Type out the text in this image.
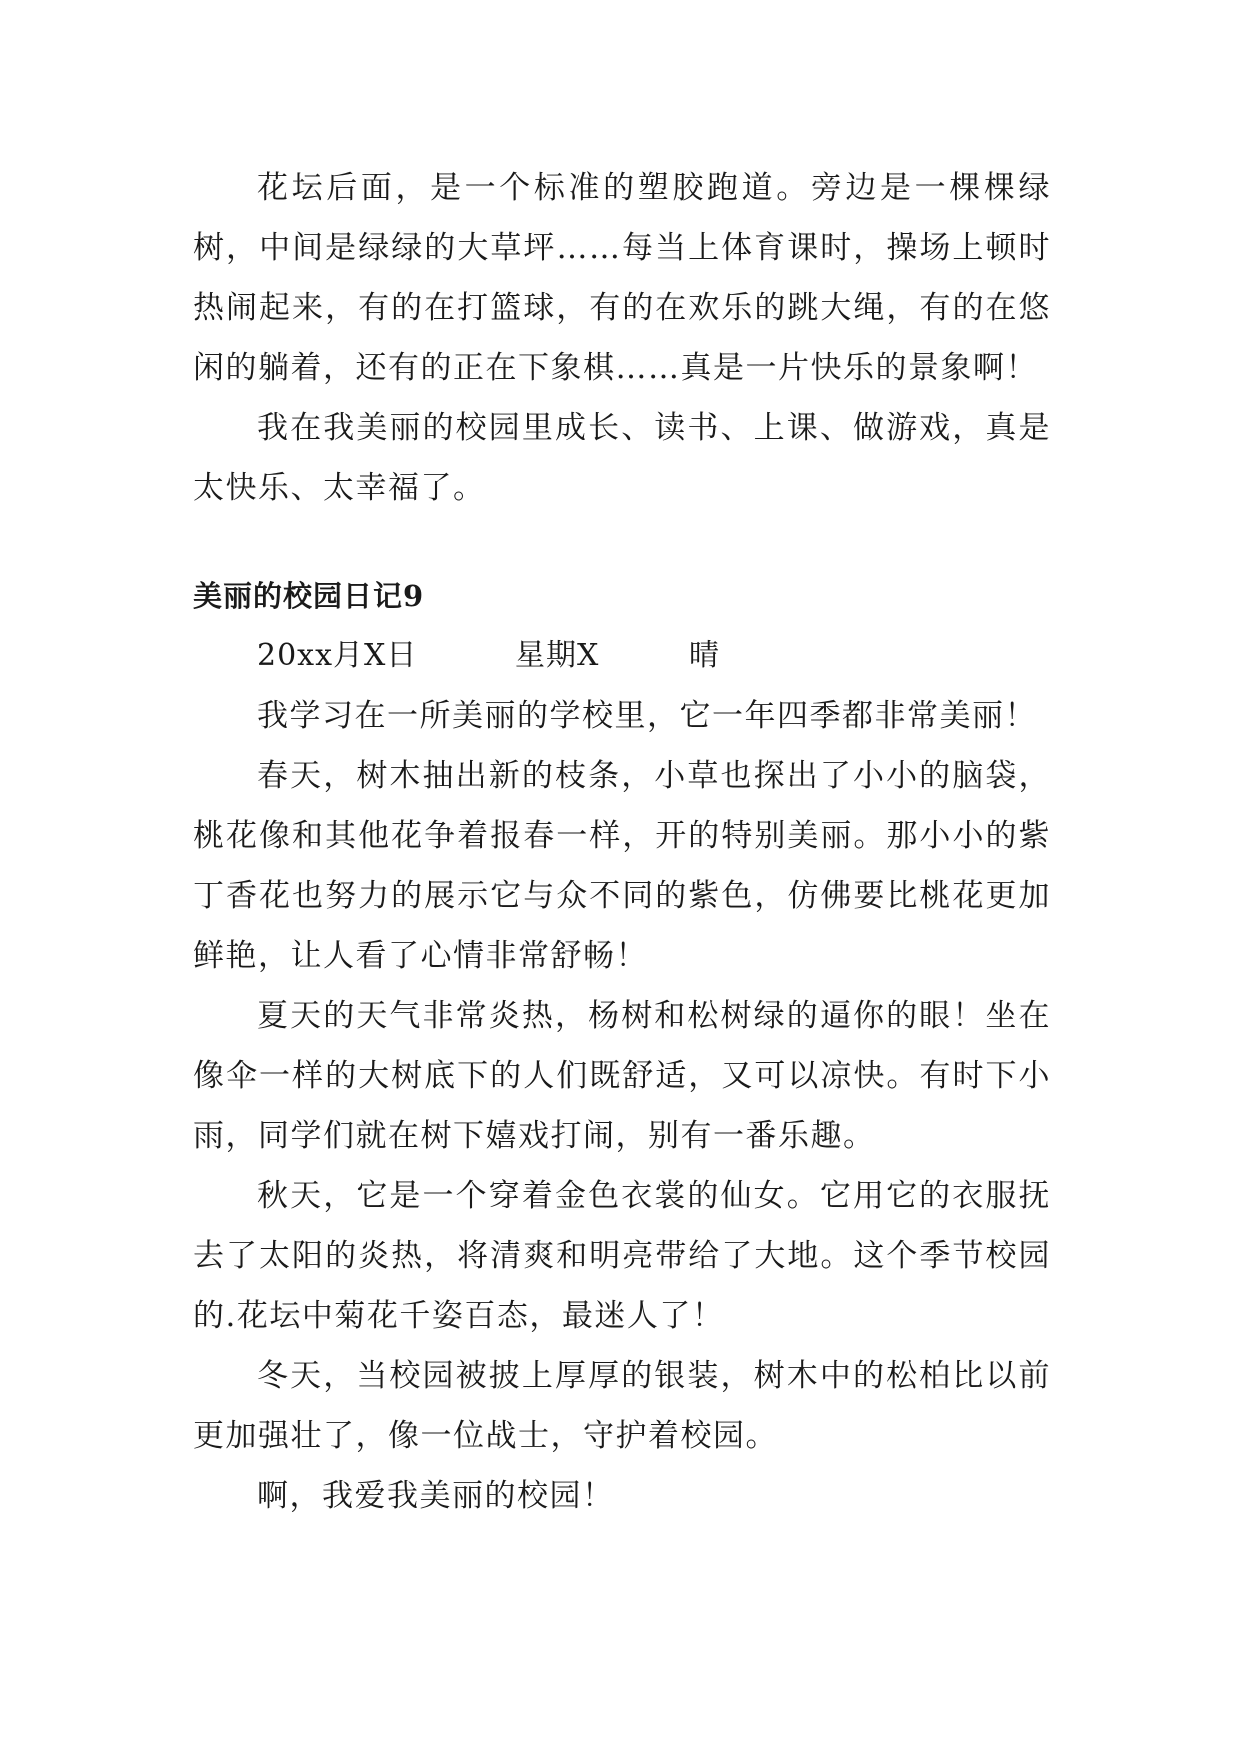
花坛后面，是一个标准的塑胶跑道。旁边是一棵棵绿树，中间是绿绿的大草坪……每当上体育课时，操场上顿时热闹起来，有的在打篮球，有的在欢乐的跳大绳，有的在悠闲的躺着，还有的正在下象棋……真是一片快乐的景象啊！

我在我美丽的校园里成长、读书、上课、做游戏，真是太快乐、太幸福了。

美丽的校园日记9
20xx月X日	星期X	晴

我学习在一所美丽的学校里，它一年四季都非常美丽！

春天，树木抽出新的枝条，小草也探出了小小的脑袋，桃花像和其他花争着报春一样，开的特别美丽。那小小的紫丁香花也努力的展示它与众不同的紫色，仿佛要比桃花更加鲜艳，让人看了心情非常舒畅！

夏天的天气非常炎热，杨树和松树绿的逼你的眼！坐在像伞一样的大树底下的人们既舒适，又可以凉快。有时下小雨，同学们就在树下嬉戏打闹，别有一番乐趣。

秋天，它是一个穿着金色衣裳的仙女。它用它的衣服抚去了太阳的炎热，将清爽和明亮带给了大地。这个季节校园的.花坛中菊花千姿百态，最迷人了！

冬天，当校园被披上厚厚的银装，树木中的松柏比以前更加强壮了，像一位战士，守护着校园。

啊，我爱我美丽的校园！
